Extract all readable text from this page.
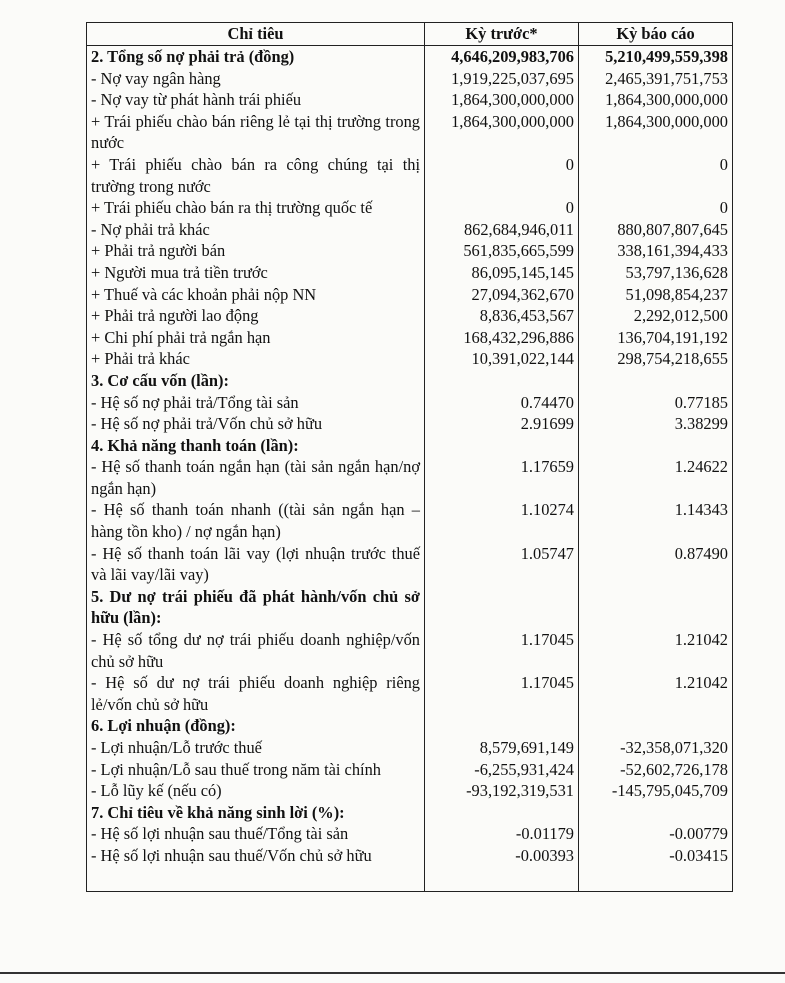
Chỉ tiêu	Kỳ trước*	Kỳ báo cáo
2. Tổng số nợ phải trả (đồng)	4,646,209,983,706	5,210,499,559,398
- Nợ vay ngân hàng	1,919,225,037,695	2,465,391,751,753
- Nợ vay từ phát hành trái phiếu	1,864,300,000,000	1,864,300,000,000
+ Trái phiếu chào bán riêng lẻ tại thị trường trong nước	1,864,300,000,000	1,864,300,000,000
+ Trái phiếu chào bán ra công chúng tại thị trường trong nước	0	0
+ Trái phiếu chào bán ra thị trường quốc tế	0	0
- Nợ phải trả khác	862,684,946,011	880,807,807,645
+ Phải trả người bán	561,835,665,599	338,161,394,433
+ Người mua trả tiền trước	86,095,145,145	53,797,136,628
+ Thuế và các khoản phải nộp NN	27,094,362,670	51,098,854,237
+ Phải trả người lao động	8,836,453,567	2,292,012,500
+ Chi phí phải trả ngắn hạn	168,432,296,886	136,704,191,192
+ Phải trả khác	10,391,022,144	298,754,218,655
3. Cơ cấu vốn (lần):		
- Hệ số nợ phải trả/Tổng tài sản	0.74470	0.77185
- Hệ số nợ phải trả/Vốn chủ sở hữu	2.91699	3.38299
4. Khả năng thanh toán (lần):		
- Hệ số thanh toán ngắn hạn (tài sản ngắn hạn/nợ ngắn hạn)	1.17659	1.24622
- Hệ số thanh toán nhanh ((tài sản ngắn hạn – hàng tồn kho) / nợ ngắn hạn)	1.10274	1.14343
- Hệ số thanh toán lãi vay (lợi nhuận trước thuế và lãi vay/lãi vay)	1.05747	0.87490
5. Dư nợ trái phiếu đã phát hành/vốn chủ sở hữu (lần):		
- Hệ số tổng dư nợ trái phiếu doanh nghiệp/vốn chủ sở hữu	1.17045	1.21042
- Hệ số dư nợ trái phiếu doanh nghiệp riêng lẻ/vốn chủ sở hữu	1.17045	1.21042
6. Lợi nhuận (đồng):		
- Lợi nhuận/Lỗ trước thuế	8,579,691,149	-32,358,071,320
- Lợi nhuận/Lỗ sau thuế trong năm tài chính	-6,255,931,424	-52,602,726,178
- Lỗ lũy kế (nếu có)	-93,192,319,531	-145,795,045,709
7. Chỉ tiêu về khả năng sinh lời (%):		
- Hệ số lợi nhuận sau thuế/Tổng tài sản	-0.01179	-0.00779
- Hệ số lợi nhuận sau thuế/Vốn chủ sở hữu	-0.00393	-0.03415
